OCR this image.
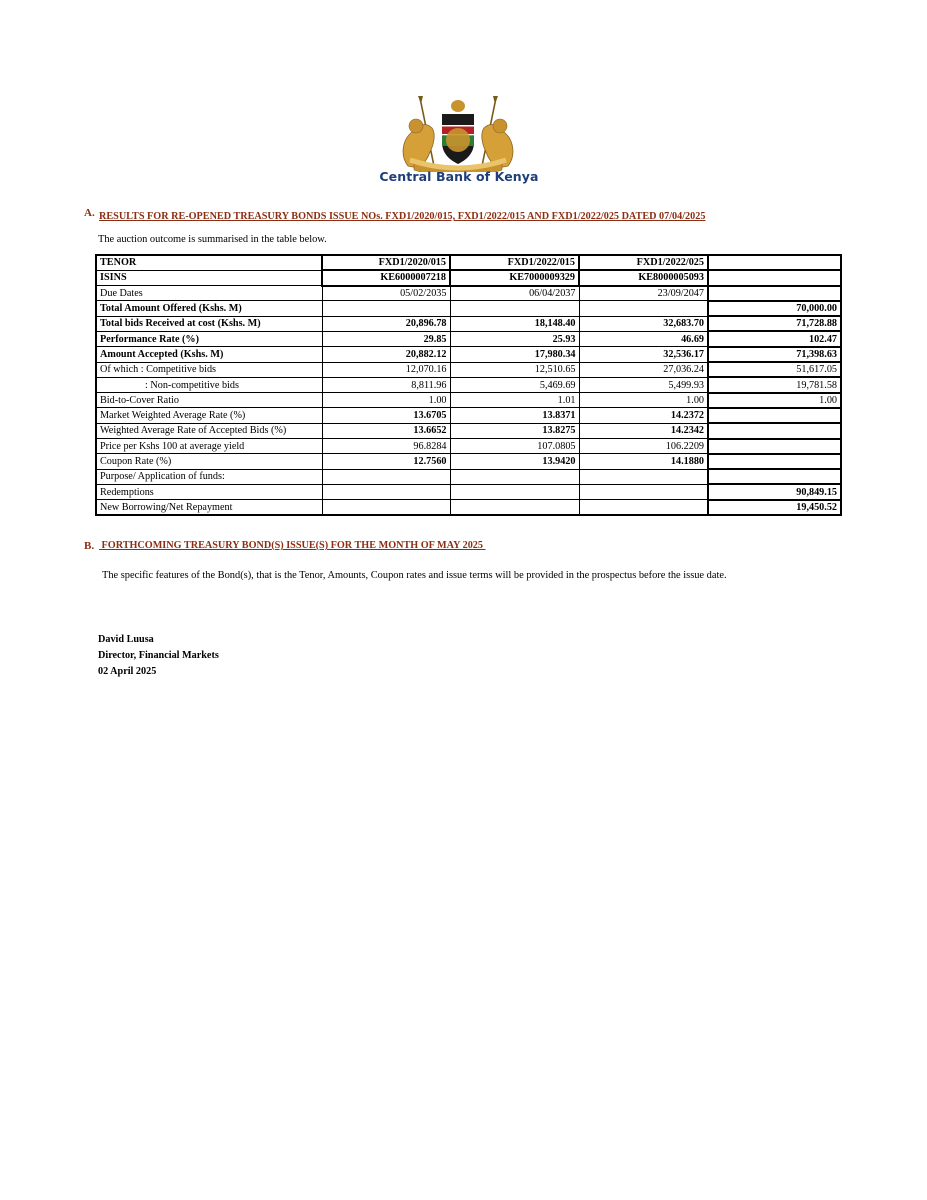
Central Bank of Kenya
A. RESULTS FOR RE-OPENED TREASURY BONDS ISSUE NOs. FXD1/2020/015, FXD1/2022/015 AND FXD1/2022/025 DATED 07/04/2025
The auction outcome is summarised in the table below.
TENOR	FXD1/2020/015	FXD1/2022/015	FXD1/2022/025	
ISINS	KE6000007218	KE7000009329	KE8000005093	
Due Dates	05/02/2035	06/04/2037	23/09/2047	
Total Amount Offered (Kshs. M)				70,000.00
Total bids Received at cost (Kshs. M)	20,896.78	18,148.40	32,683.70	71,728.88
Performance Rate (%)	29.85	25.93	46.69	102.47
Amount Accepted (Kshs. M)	20,882.12	17,980.34	32,536.17	71,398.63
Of which : Competitive bids	12,070.16	12,510.65	27,036.24	51,617.05
: Non-competitive bids	8,811.96	5,469.69	5,499.93	19,781.58
Bid-to-Cover Ratio	1.00	1.01	1.00	1.00
Market Weighted Average Rate (%)	13.6705	13.8371	14.2372	
Weighted Average Rate of Accepted Bids (%)	13.6652	13.8275	14.2342	
Price per Kshs 100 at average yield	96.8284	107.0805	106.2209	
Coupon Rate (%)	12.7560	13.9420	14.1880	
Purpose/ Application of funds:				
Redemptions				90,849.15
New Borrowing/Net Repayment				19,450.52
B. FORTHCOMING TREASURY BOND(S) ISSUE(S) FOR THE MONTH OF MAY 2025
The specific features of the Bond(s), that is the Tenor, Amounts, Coupon rates and issue terms will be provided in the prospectus before the issue date.
David Luusa
Director, Financial Markets
02 April 2025
